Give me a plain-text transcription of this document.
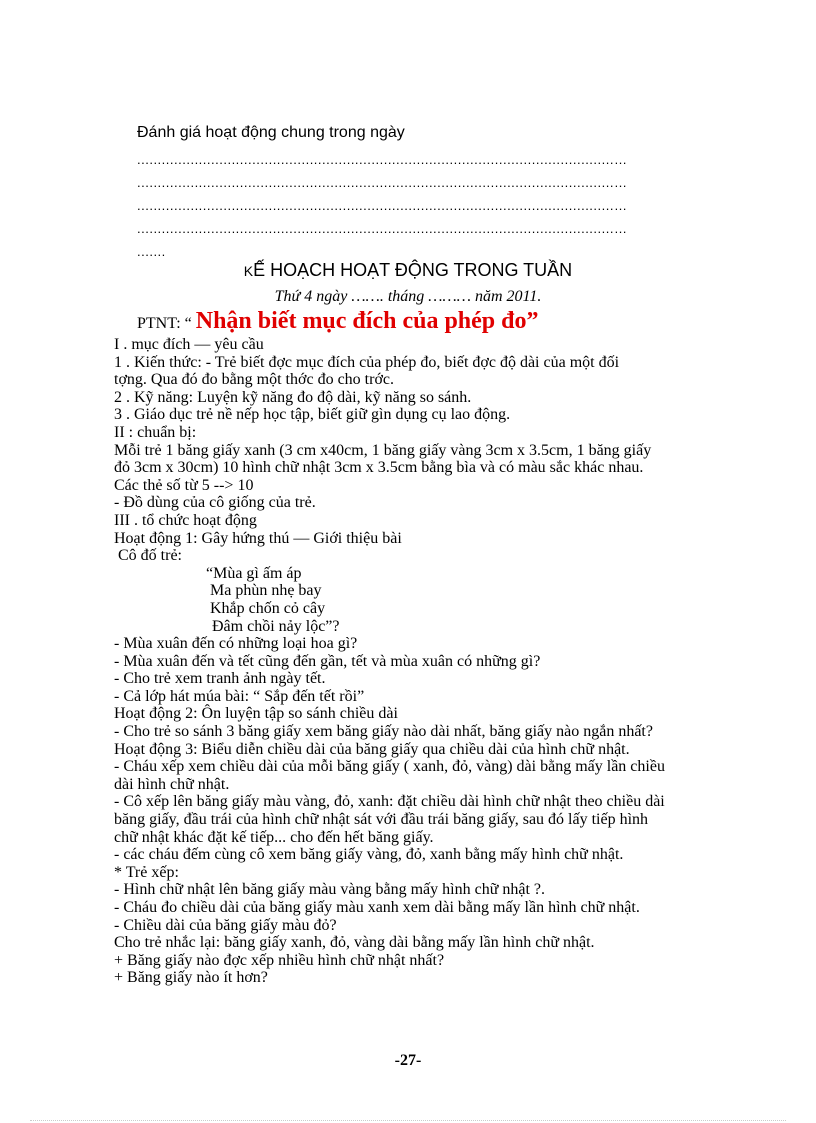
Đánh giá hoạt động chung trong ngày
....................................................................................................................…
....................................................................................................................…
....................................................................................................................…
....................................................................................................................…
.......
KẾ HOẠCH HOẠT ĐỘNG TRONG TUẦN
Thứ 4 ngày ……. tháng ……… năm 2011.
PTNT: “ Nhận biết mục đích của phép đo”
I . mục đích — yêu cầu
1 . Kiến thức: - Trẻ biết đợc mục đích của phép đo, biết đợc độ dài của một đối
tợng. Qua đó đo bằng một thớc đo cho trớc.
2 . Kỹ năng: Luyện kỹ năng đo độ dài, kỹ năng so sánh.
3 . Giáo dục trẻ nề nếp học tập, biết giữ gìn dụng cụ lao động.
II : chuẩn bị:
Mỗi trẻ 1 băng giấy xanh (3 cm x40cm, 1 băng giấy vàng 3cm x 3.5cm, 1 băng giấy
đỏ 3cm x 30cm) 10 hình chữ nhật 3cm x 3.5cm bằng bìa và có màu sắc khác nhau.
Các thẻ số từ 5 --> 10
- Đồ dùng của cô giống của trẻ.
III . tổ chức hoạt động
Hoạt động 1: Gây hứng thú — Giới thiệu bài
Cô đố trẻ:
“Mùa gì ấm áp
Ma phùn nhẹ bay
Khắp chốn cỏ cây
Đâm chồi nảy lộc”?
- Mùa xuân đến có những loại hoa gì?
- Mùa xuân đến và tết cũng đến gần, tết và mùa xuân có những gì?
- Cho trẻ xem tranh ảnh ngày tết.
- Cả lớp hát múa bài: “ Sắp đến tết rồi”
Hoạt động 2: Ôn luyện tập so sánh chiều dài
- Cho trẻ so sánh 3 băng giấy xem băng giấy nào dài nhất, băng giấy nào ngắn nhất?
Hoạt động 3: Biểu diễn chiều dài của băng giấy qua chiều dài của hình chữ nhật.
- Cháu xếp xem chiều dài của mỗi băng giấy ( xanh, đỏ, vàng) dài bằng mấy lần chiều
dài hình chữ nhật.
- Cô xếp lên băng giấy màu vàng, đỏ, xanh: đặt chiều dài hình chữ nhật theo chiều dài
băng giấy, đầu trái của hình chữ nhật sát với đầu trái băng giấy, sau đó lấy tiếp hình
chữ nhật khác đặt kế tiếp... cho đến hết băng giấy.
- các cháu đếm cùng cô xem băng giấy vàng, đỏ, xanh bằng mấy hình chữ nhật.
* Trẻ xếp:
- Hình chữ nhật lên băng giấy màu vàng bằng mấy hình chữ nhật ?.
- Cháu đo chiều dài của băng giấy màu xanh xem dài bằng mấy lần hình chữ nhật.
- Chiều dài của băng giấy màu đỏ?
Cho trẻ nhắc lại: băng giấy xanh, đỏ, vàng dài bằng mấy lần hình chữ nhật.
+ Băng giấy nào đợc xếp nhiều hình chữ nhật nhất?
+ Băng giấy nào ít hơn?
-27-
